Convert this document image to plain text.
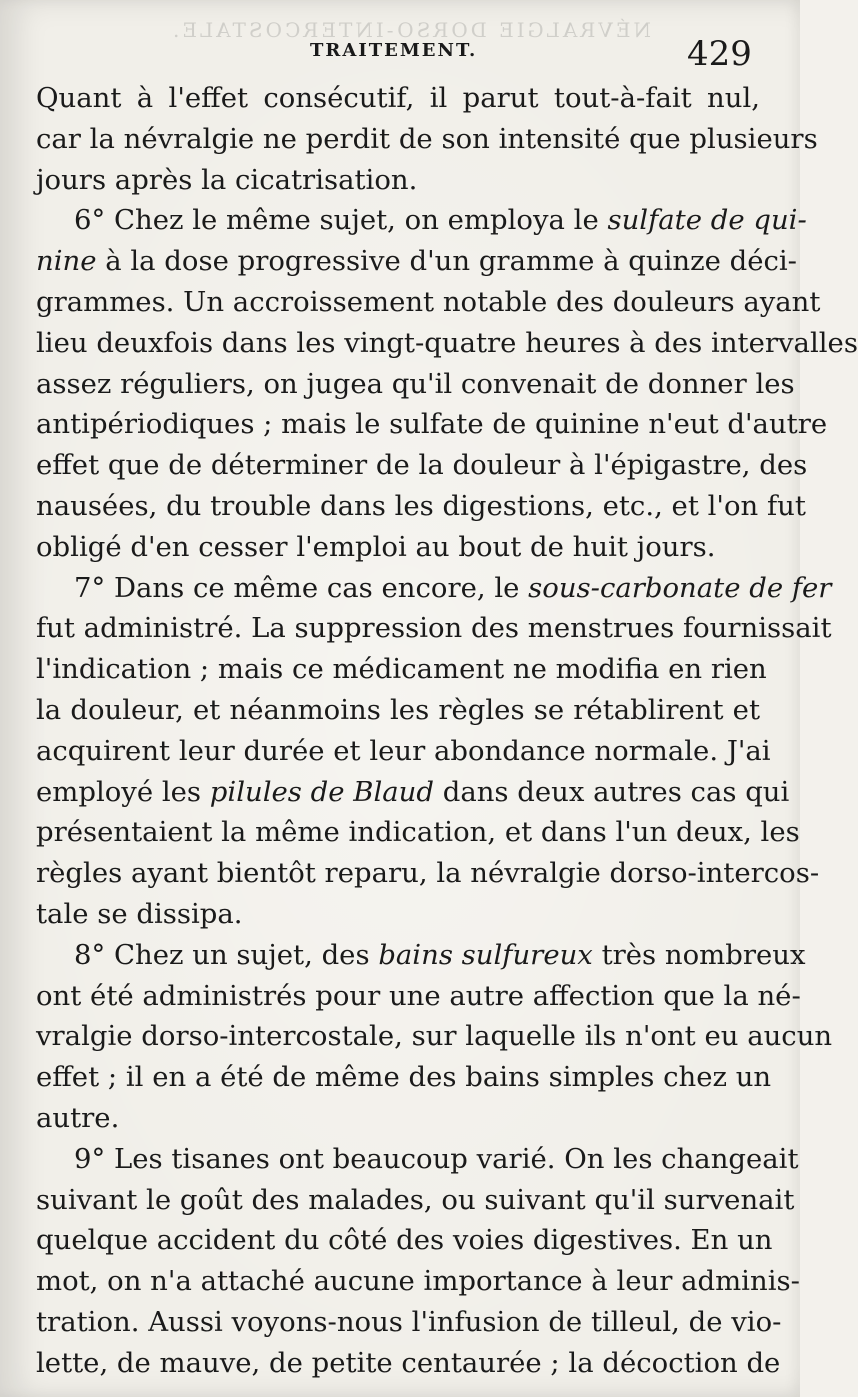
NÉVRALGIE DORSO-INTERCOSTALE.
TRAITEMENT.	429
Quant à l'effet consécutif, il parut tout-à-fait nul,
car la névralgie ne perdit de son intensité que plusieurs
jours après la cicatrisation.
6° Chez le même sujet, on employa le sulfate de qui-
nine à la dose progressive d'un gramme à quinze déci-
grammes. Un accroissement notable des douleurs ayant
lieu deuxfois dans les vingt-quatre heures à des intervalles
assez réguliers, on jugea qu'il convenait de donner les
antipériodiques ; mais le sulfate de quinine n'eut d'autre
effet que de déterminer de la douleur à l'épigastre, des
nausées, du trouble dans les digestions, etc., et l'on fut
obligé d'en cesser l'emploi au bout de huit jours.
7° Dans ce même cas encore, le sous-carbonate de fer
fut administré. La suppression des menstrues fournissait
l'indication ; mais ce médicament ne modifia en rien
la douleur, et néanmoins les règles se rétablirent et
acquirent leur durée et leur abondance normale. J'ai
employé les pilules de Blaud dans deux autres cas qui
présentaient la même indication, et dans l'un deux, les
règles ayant bientôt reparu, la névralgie dorso-intercos-
tale se dissipa.
8° Chez un sujet, des bains sulfureux très nombreux
ont été administrés pour une autre affection que la né-
vralgie dorso-intercostale, sur laquelle ils n'ont eu aucun
effet ; il en a été de même des bains simples chez un
autre.
9° Les tisanes ont beaucoup varié. On les changeait
suivant le goût des malades, ou suivant qu'il survenait
quelque accident du côté des voies digestives. En un
mot, on n'a attaché aucune importance à leur adminis-
tration. Aussi voyons-nous l'infusion de tilleul, de vio-
lette, de mauve, de petite centaurée ; la décoction de
